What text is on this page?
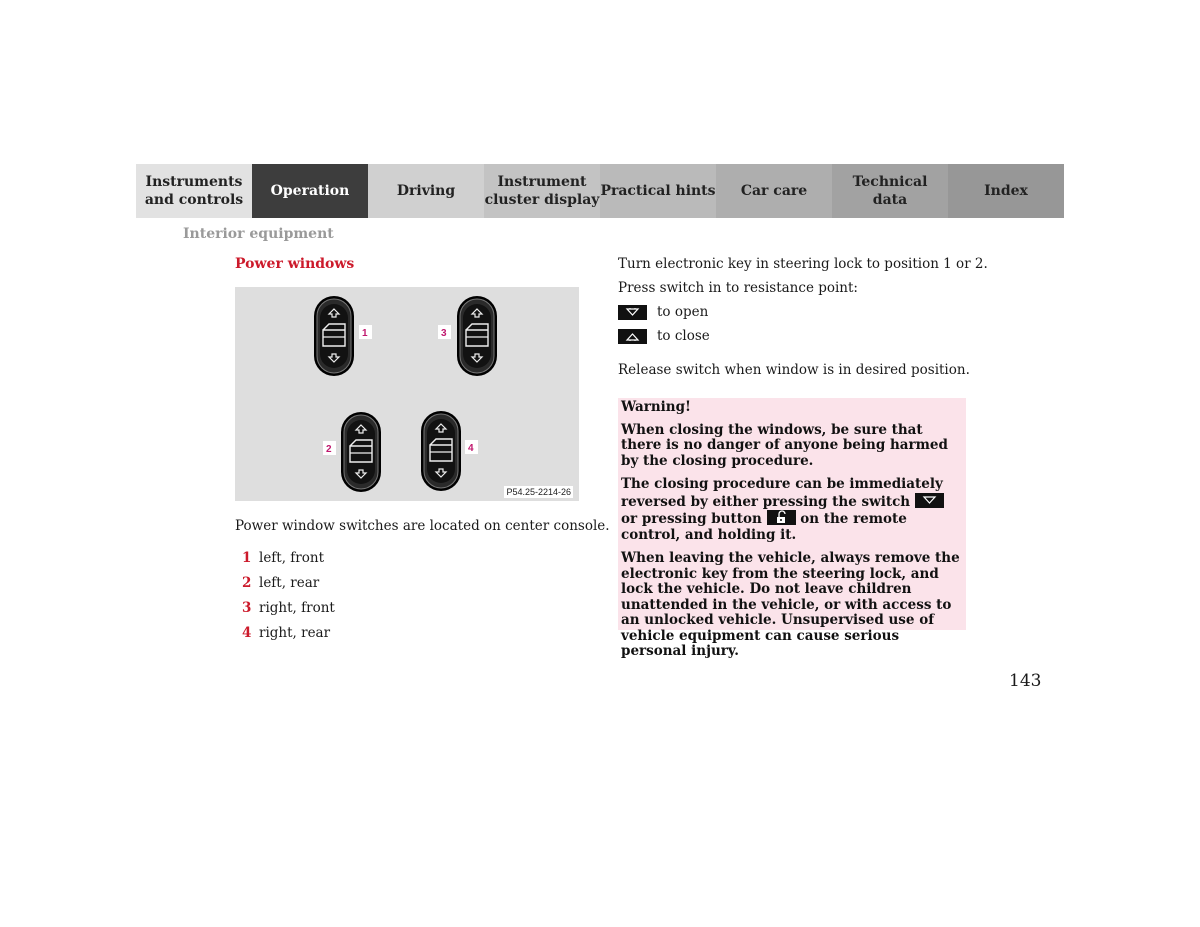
Instruments
and controls
Operation	Driving
Instrument
cluster display
Practical hints Car care
Technical
data
Index
Interior equipment
Power windows
1	3
2	4
P54.25-2214-26
Power window switches are located on center console.
1 left, front
2 left, rear
3 right, front
4 right, rear

Turn electronic key in steering lock to position 1 or 2.

Press switch in to resistance point:

to open
to close

Release switch when window is in desired position.

Warning!

When closing the windows, be sure that there is no danger of anyone being harmed by the closing procedure.

The closing procedure can be immediately reversed by either pressing the switch
or pressing button	on the remote control, and holding it.

When leaving the vehicle, always remove the electronic key from the steering lock, and lock the vehicle. Do not leave children unattended in the vehicle, or with access to an unlocked vehicle. Unsupervised use of vehicle equipment can cause serious personal injury.

143
